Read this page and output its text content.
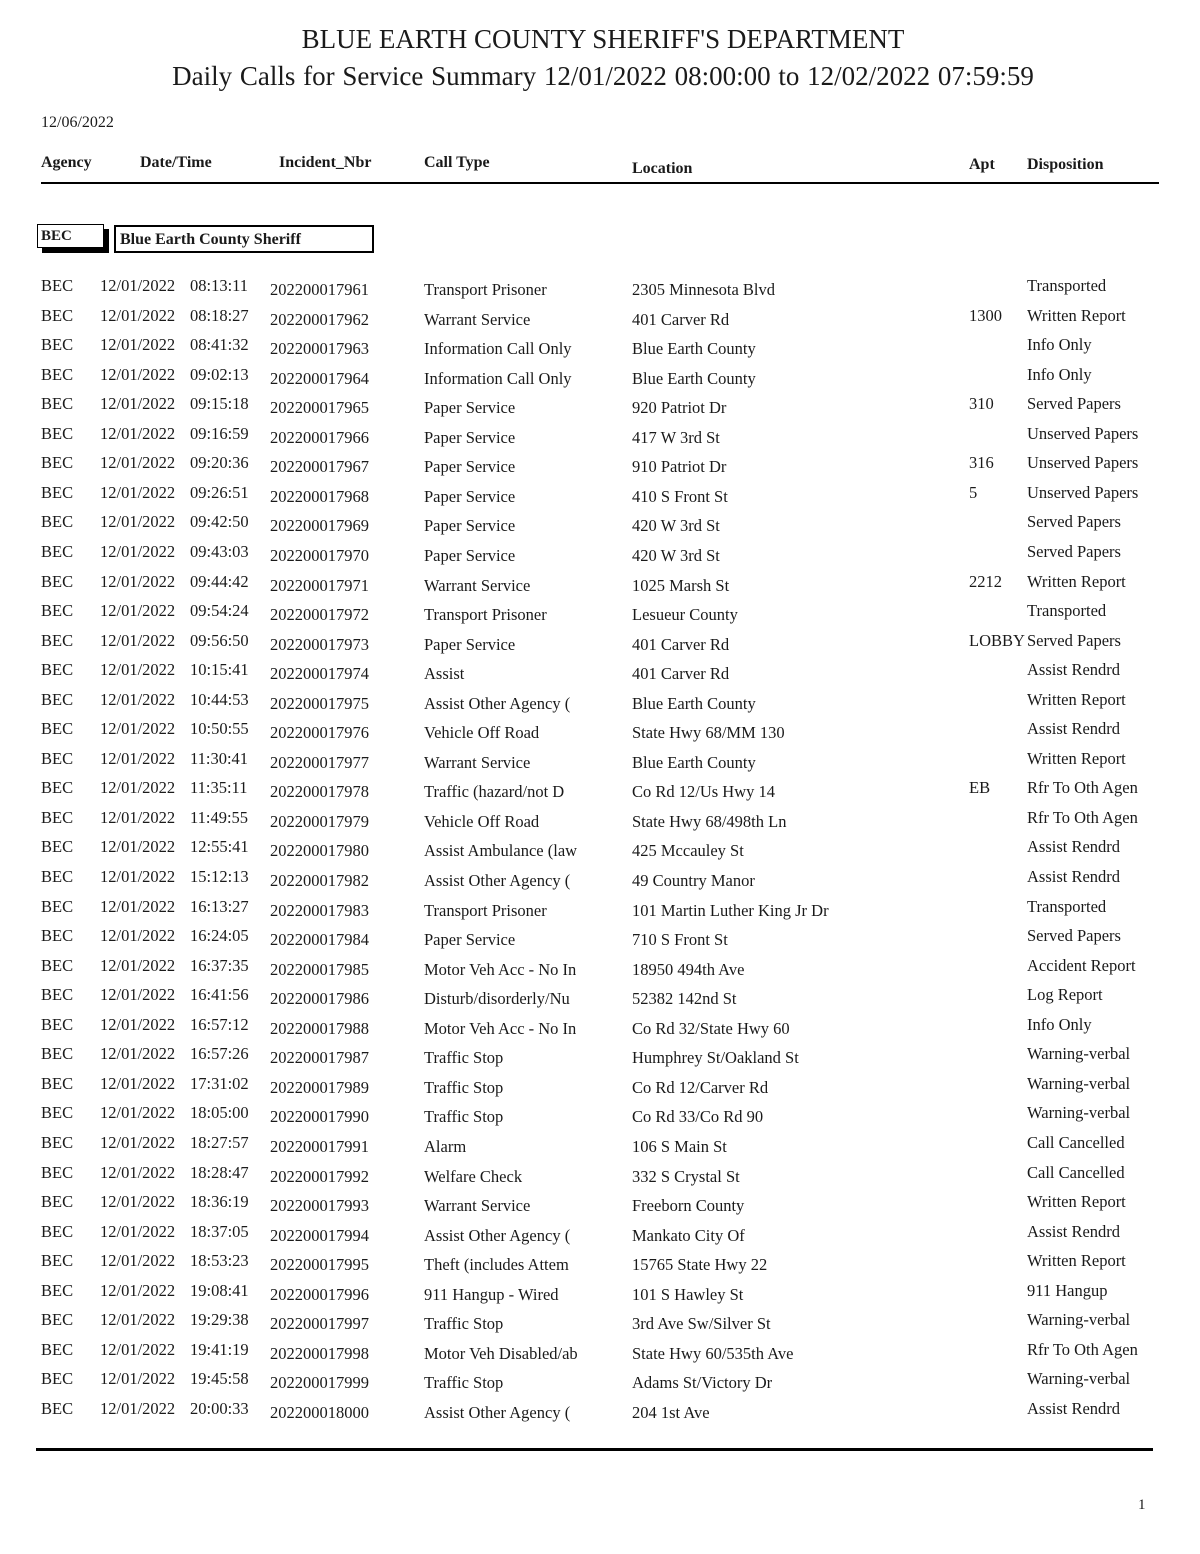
BLUE EARTH COUNTY SHERIFF'S DEPARTMENT
Daily Calls for Service Summary 12/01/2022 08:00:00 to 12/02/2022 07:59:59
12/06/2022
Agency	Date/Time	Incident_Nbr	Call Type	Location	Apt Disposition
BEC	Blue Earth County Sheriff
BEC 12/01/2022 08:13:11 202200017961	Transport Prisoner	2305 Minnesota Blvd	Transported
BEC 12/01/2022 08:18:27 202200017962	Warrant Service	401 Carver Rd	1300 Written Report
BEC 12/01/2022 08:41:32 202200017963	Information Call Only	Blue Earth County	Info Only
BEC 12/01/2022 09:02:13 202200017964	Information Call Only	Blue Earth County	Info Only
BEC 12/01/2022 09:15:18 202200017965	Paper Service	920 Patriot Dr	310 Served Papers
BEC 12/01/2022 09:16:59 202200017966	Paper Service	417 W 3rd St	Unserved Papers
BEC 12/01/2022 09:20:36 202200017967	Paper Service	910 Patriot Dr	316 Unserved Papers
BEC 12/01/2022 09:26:51 202200017968	Paper Service	410 S Front St	5	Unserved Papers
BEC 12/01/2022 09:42:50 202200017969	Paper Service	420 W 3rd St	Served Papers
BEC 12/01/2022 09:43:03 202200017970	Paper Service	420 W 3rd St	Served Papers
BEC 12/01/2022 09:44:42 202200017971	Warrant Service	1025 Marsh St	2212 Written Report
BEC 12/01/2022 09:54:24 202200017972	Transport Prisoner	Lesueur County	Transported
BEC 12/01/2022 09:56:50 202200017973	Paper Service	401 Carver Rd	LOBBY Served Papers
BEC 12/01/2022 10:15:41 202200017974	Assist	401 Carver Rd	Assist Rendrd
BEC 12/01/2022 10:44:53 202200017975	Assist Other Agency (	Blue Earth County	Written Report
BEC 12/01/2022 10:50:55 202200017976	Vehicle Off Road	State Hwy 68/MM 130	Assist Rendrd
BEC 12/01/2022 11:30:41 202200017977	Warrant Service	Blue Earth County	Written Report
BEC 12/01/2022 11:35:11 202200017978	Traffic (hazard/not D	Co Rd 12/Us Hwy 14	EB Rfr To Oth Agen
BEC 12/01/2022 11:49:55 202200017979	Vehicle Off Road	State Hwy 68/498th Ln	Rfr To Oth Agen
BEC 12/01/2022 12:55:41 202200017980	Assist Ambulance (law	425 Mccauley St	Assist Rendrd
BEC 12/01/2022 15:12:13 202200017982	Assist Other Agency (	49 Country Manor	Assist Rendrd
BEC 12/01/2022 16:13:27 202200017983	Transport Prisoner	101 Martin Luther King Jr Dr	Transported
BEC 12/01/2022 16:24:05 202200017984	Paper Service	710 S Front St	Served Papers
BEC 12/01/2022 16:37:35 202200017985	Motor Veh Acc - No In	18950 494th Ave	Accident Report
BEC 12/01/2022 16:41:56 202200017986	Disturb/disorderly/Nu	52382 142nd St	Log Report
BEC 12/01/2022 16:57:12 202200017988	Motor Veh Acc - No In	Co Rd 32/State Hwy 60	Info Only
BEC 12/01/2022 16:57:26 202200017987	Traffic Stop	Humphrey St/Oakland St	Warning-verbal
BEC 12/01/2022 17:31:02 202200017989	Traffic Stop	Co Rd 12/Carver Rd	Warning-verbal
BEC 12/01/2022 18:05:00 202200017990	Traffic Stop	Co Rd 33/Co Rd 90	Warning-verbal
BEC 12/01/2022 18:27:57 202200017991	Alarm	106 S Main St	Call Cancelled
BEC 12/01/2022 18:28:47 202200017992	Welfare Check	332 S Crystal St	Call Cancelled
BEC 12/01/2022 18:36:19 202200017993	Warrant Service	Freeborn County	Written Report
BEC 12/01/2022 18:37:05 202200017994	Assist Other Agency (	Mankato City Of	Assist Rendrd
BEC 12/01/2022 18:53:23 202200017995	Theft (includes Attem	15765 State Hwy 22	Written Report
BEC 12/01/2022 19:08:41 202200017996	911 Hangup - Wired	101 S Hawley St	911 Hangup
BEC 12/01/2022 19:29:38 202200017997	Traffic Stop	3rd Ave Sw/Silver St	Warning-verbal
BEC 12/01/2022 19:41:19 202200017998	Motor Veh Disabled/ab	State Hwy 60/535th Ave	Rfr To Oth Agen
BEC 12/01/2022 19:45:58 202200017999	Traffic Stop	Adams St/Victory Dr	Warning-verbal
BEC 12/01/2022 20:00:33 202200018000	Assist Other Agency (	204 1st Ave	Assist Rendrd
1
